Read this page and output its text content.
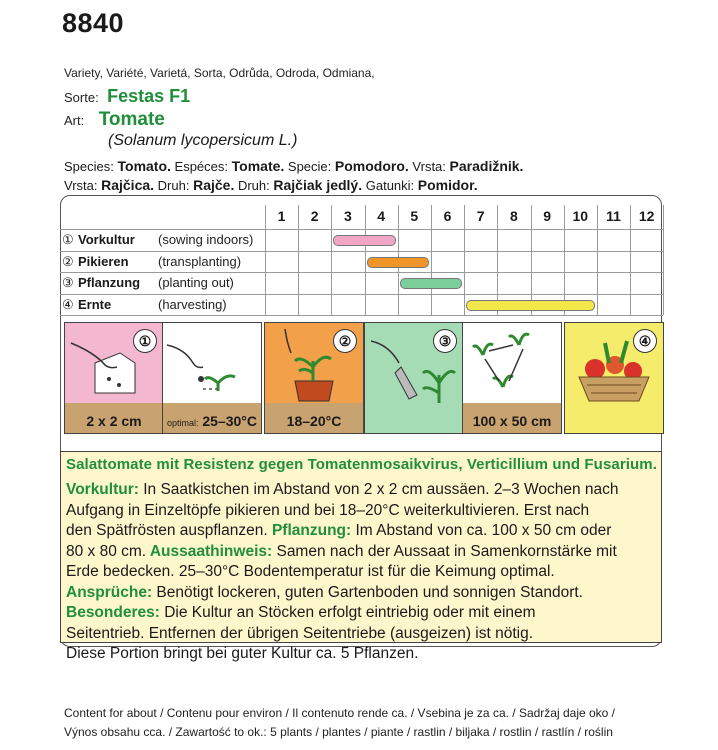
8840
Variety, Variété, Varietá, Sorta, Odrůda, Odroda, Odmiana,
Sorte: Festas F1
Art: Tomate
(Solanum lycopersicum L.)
Species: Tomato. Espéces: Tomate. Specie: Pomodoro. Vrsta: Paradižnik.
Vrsta: Rajčica. Druh: Rajče. Druh: Rajčiak jedlý. Gatunki: Pomidor.
1	2	3	4	5	6	7	8	9	10	11	12
① Vorkultur (sowing indoors)
② Pikieren (transplanting)
③ Pflanzung (planting out)
④ Ernte	(harvesting)
2 x 2 cm
①
optimal: 25–30°C	18–20°C
②	③
100 x 50 cm
④
Salattomate mit Resistenz gegen Tomatenmosaikvirus, Verticillium und Fusarium.
Vorkultur: In Saatkistchen im Abstand von 2 x 2 cm aussäen. 2–3 Wochen nach
Aufgang in Einzeltöpfe pikieren und bei 18–20°C weiterkultivieren. Erst nach
den Spätfrösten auspflanzen. Pflanzung: Im Abstand von ca. 100 x 50 cm oder
80 x 80 cm. Aussaathinweis: Samen nach der Aussaat in Samenkornstärke mit
Erde bedecken. 25–30°C Bodentemperatur ist für die Keimung optimal.
Ansprüche: Benötigt lockeren, guten Gartenboden und sonnigen Standort.
Besonderes: Die Kultur an Stöcken erfolgt eintriebig oder mit einem
Seitentrieb. Entfernen der übrigen Seitentriebe (ausgeizen) ist nötig.
Diese Portion bringt bei guter Kultur ca. 5 Pflanzen.
Content for about / Contenu pour environ / Il contenuto rende ca. / Vsebina je za ca. / Sadržaj daje oko /
Výnos obsahu cca. / Zawartość to ok.: 5 plants / plantes / piante / rastlin / biljaka / rostlin / rastlín / roślin
